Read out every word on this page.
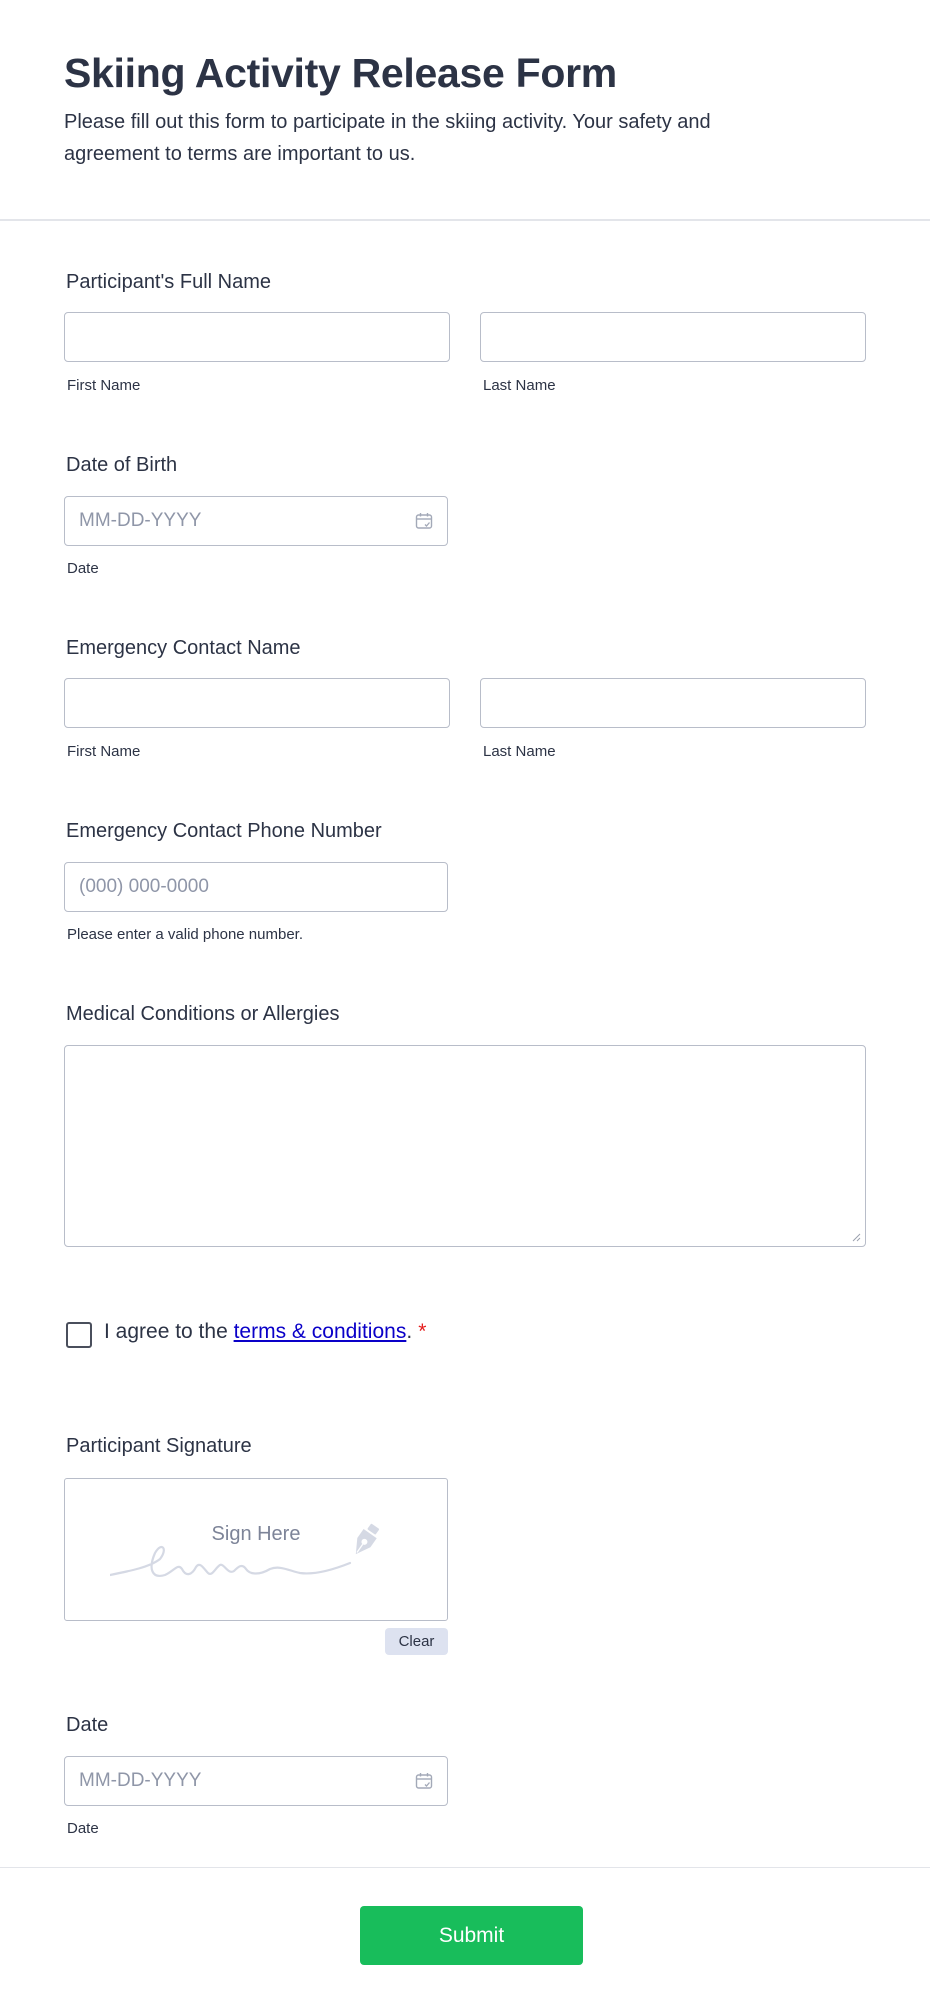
Skiing Activity Release Form

Please fill out this form to participate in the skiing activity. Your safety and agreement to terms are important to us.

Participant's Full Name
First Name	Last Name
Date of Birth
MM-DD-YYYY
Date
Emergency Contact Name
First Name	Last Name
Emergency Contact Phone Number
(000) 000-0000
Please enter a valid phone number.
Medical Conditions or Allergies
I agree to the terms & conditions. *
Participant Signature
Sign Here
Clear
Date
MM-DD-YYYY
Date
Submit
